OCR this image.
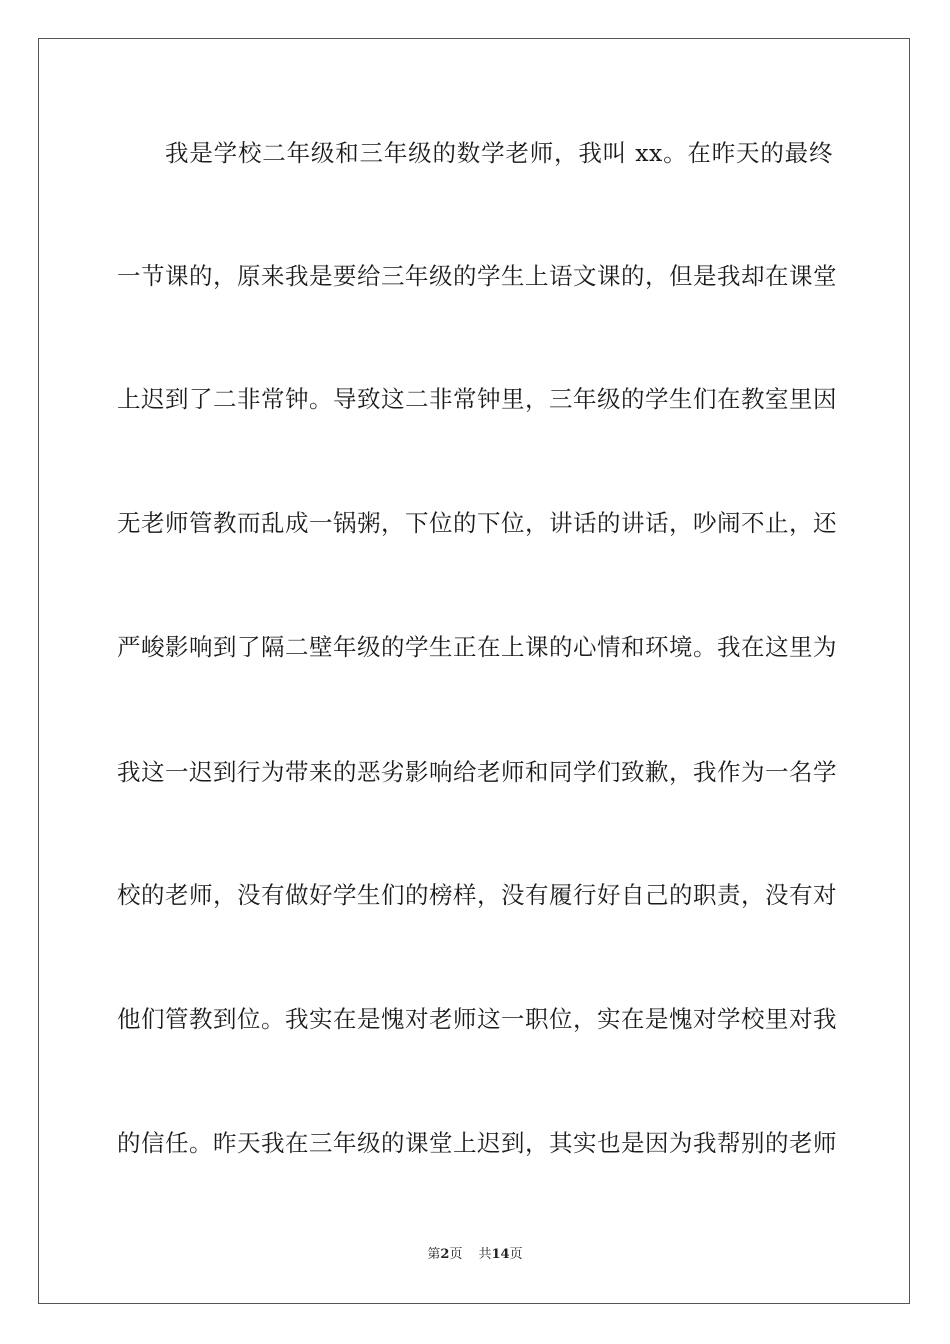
我是学校二年级和三年级的数学老师，我叫 xx。在昨天的最终
一节课的，原来我是要给三年级的学生上语文课的，但是我却在课堂
上迟到了二非常钟。导致这二非常钟里，三年级的学生们在教室里因
无老师管教而乱成一锅粥，下位的下位，讲话的讲话，吵闹不止，还
严峻影响到了隔二壁年级的学生正在上课的心情和环境。我在这里为
我这一迟到行为带来的恶劣影响给老师和同学们致歉，我作为一名学
校的老师，没有做好学生们的榜样，没有履行好自己的职责，没有对
他们管教到位。我实在是愧对老师这一职位，实在是愧对学校里对我
的信任。昨天我在三年级的课堂上迟到，其实也是因为我帮别的老师
第2页 共14页
